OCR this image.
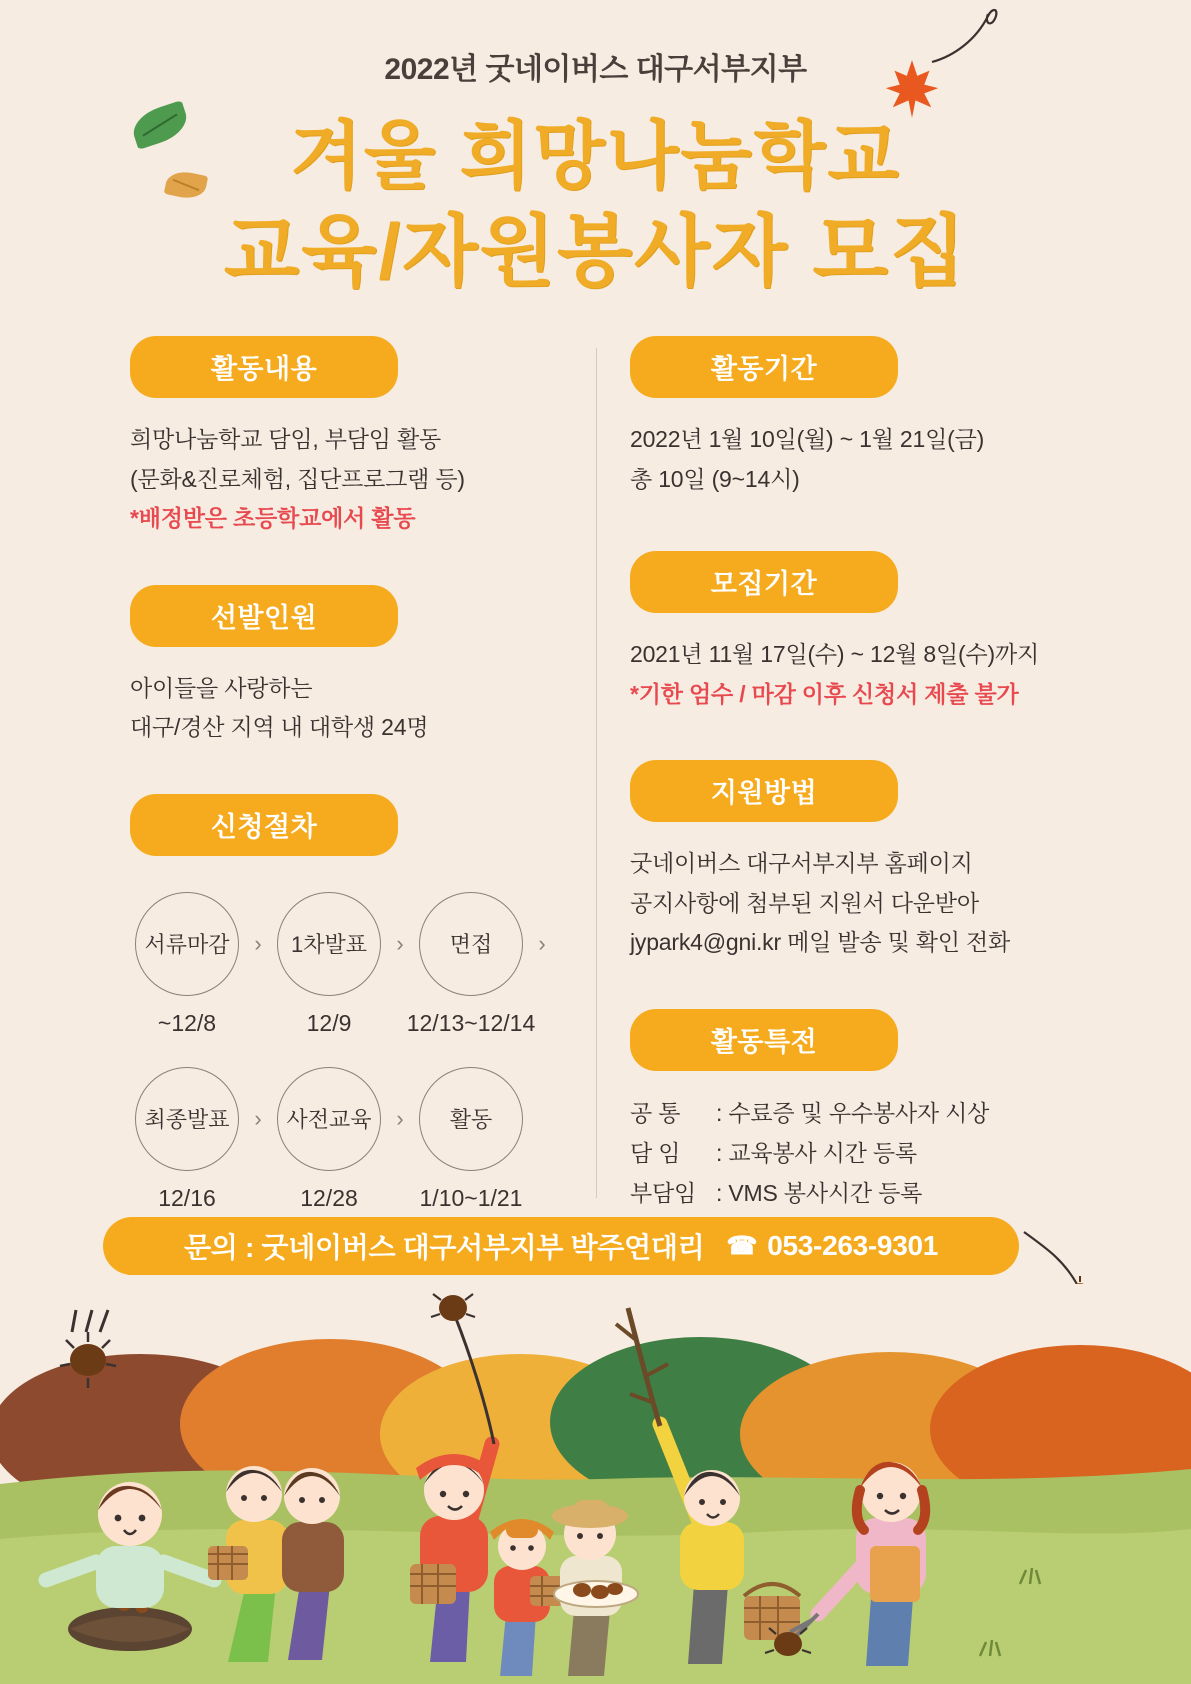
2022년 굿네이버스 대구서부지부
겨울 희망나눔학교
교육/자원봉사자 모집
활동내용
희망나눔학교 담임, 부담임 활동
(문화&진로체험, 집단프로그램 등)
*배정받은 초등학교에서 활동
선발인원
아이들을 사랑하는
대구/경산 지역 내 대학생 24명
신청절차
서류마감	›	1차발표	›	면접	›
~12/8	12/9	12/13~12/14
최종발표	›	사전교육	›	활동
12/16	12/28	1/10~1/21
활동기간
2022년 1월 10일(월) ~ 1월 21일(금)
총 10일 (9~14시)
모집기간
2021년 11월 17일(수) ~ 12월 8일(수)까지
*기한 엄수 / 마감 이후 신청서 제출 불가
지원방법
굿네이버스 대구서부지부 홈페이지
공지사항에 첨부된 지원서 다운받아
jypark4@gni.kr 메일 발송 및 확인 전화
활동특전
공 통 : 수료증 및 우수봉사자 시상
담 임 : 교육봉사 시간 등록
부담임 : VMS 봉사시간 등록
문의 : 굿네이버스 대구서부지부 박주연대리 ☎ 053-263-9301
